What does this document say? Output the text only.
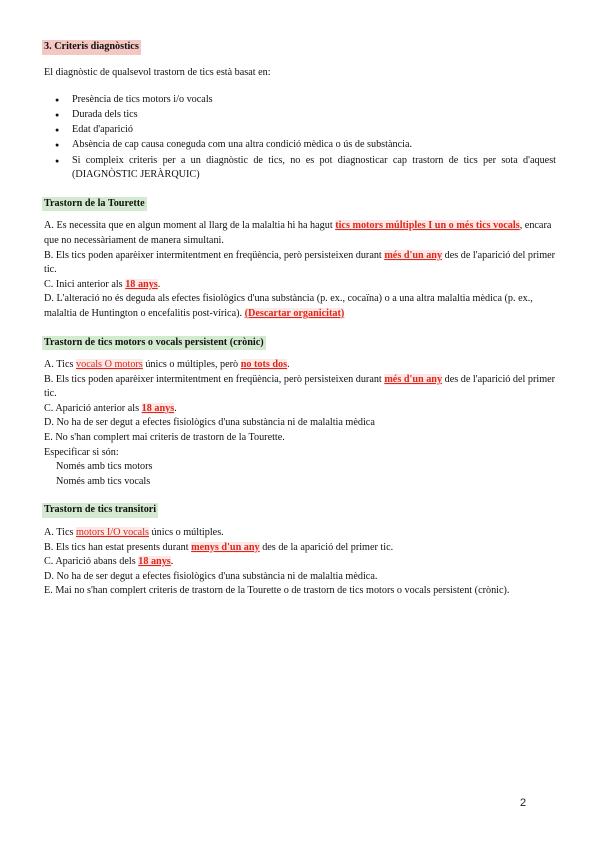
3. Criteris diagnòstics

El diagnòstic de qualsevol trastorn de tics està basat en:

● Presència de tics motors i/o vocals
● Durada dels tics
● Edat d'aparició
● Absència de cap causa coneguda com una altra condició mèdica o ús de substància.
● Si compleix criteris per a un diagnòstic de tics, no es pot diagnosticar cap trastorn de tics per sota d'aquest (DIAGNÒSTIC JERÀRQUIC)
Trastorn de la Tourette

A. Es necessita que en algun moment al llarg de la malaltia hi ha hagut tics motors múltiples I un o més tics vocals, encara que no necessàriament de manera simultani.

B. Els tics poden aparèixer intermitentment en freqüència, però persisteixen durant més d'un any des de l'aparició del primer tic.

C. Inici anterior als 18 anys.

D. L'alteració no és deguda als efectes fisiològics d'una substància (p. ex., cocaïna) o a una altra malaltia mèdica (p. ex., malaltia de Huntington o encefalitis post-vírica). (Descartar organicitat)

Trastorn de tics motors o vocals persistent (crònic)

A. Tics vocals O motors únics o múltiples, però no tots dos.

B. Els tics poden aparèixer intermitentment en freqüència, però persisteixen durant més d'un any des de l'aparició del primer tic.

C. Aparició anterior als 18 anys.

D. No ha de ser degut a efectes fisiològics d'una substància ni de malaltia mèdica

E. No s'han complert mai criteris de trastorn de la Tourette.

Especificar si són:

Només amb tics motors

Només amb tics vocals

Trastorn de tics transitori

A. Tics motors I/O vocals únics o múltiples.

B. Els tics han estat presents durant menys d'un any des de la aparició del primer tic.

C. Aparició abans dels 18 anys.

D. No ha de ser degut a efectes fisiològics d'una substància ni de malaltia mèdica.

E. Mai no s'han complert criteris de trastorn de la Tourette o de trastorn de tics motors o vocals persistent (crònic).

2
